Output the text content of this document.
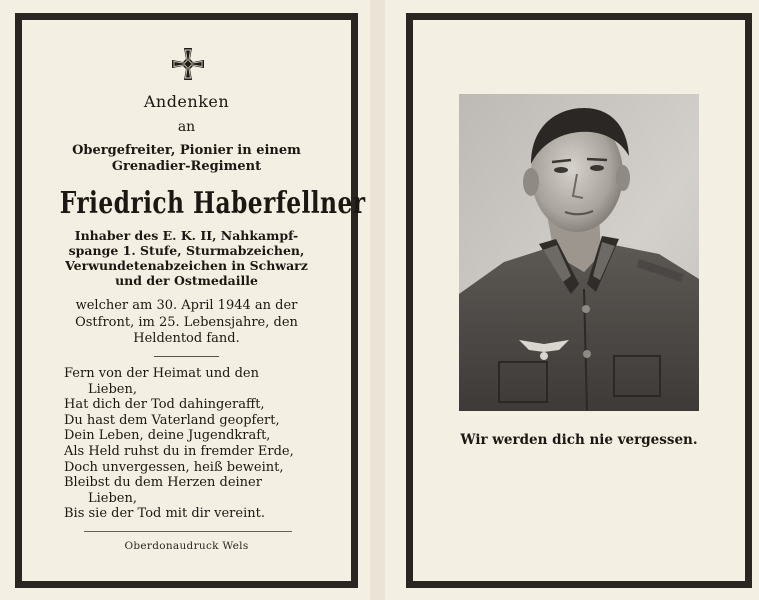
Andenken
an
Obergefreiter, Pionier in einem
Grenadier-Regiment
Friedrich Haberfellner
Inhaber des E. K. II, Nahkampf-
spange 1. Stufe, Sturmabzeichen,
Verwundetenabzeichen in Schwarz
und der Ostmedaille
welcher am 30. April 1944 an der
Ostfront, im 25. Lebensjahre, den
Heldentod fand.
Fern von der Heimat und den
Lieben,
Hat dich der Tod dahingerafft,
Du hast dem Vaterland geopfert,
Dein Leben, deine Jugendkraft,
Als Held ruhst du in fremder Erde,
Doch unvergessen, heiß beweint,
Bleibst du dem Herzen deiner
Lieben,
Bis sie der Tod mit dir vereint.
Oberdonaudruck Wels
Wir werden dich nie vergessen.
